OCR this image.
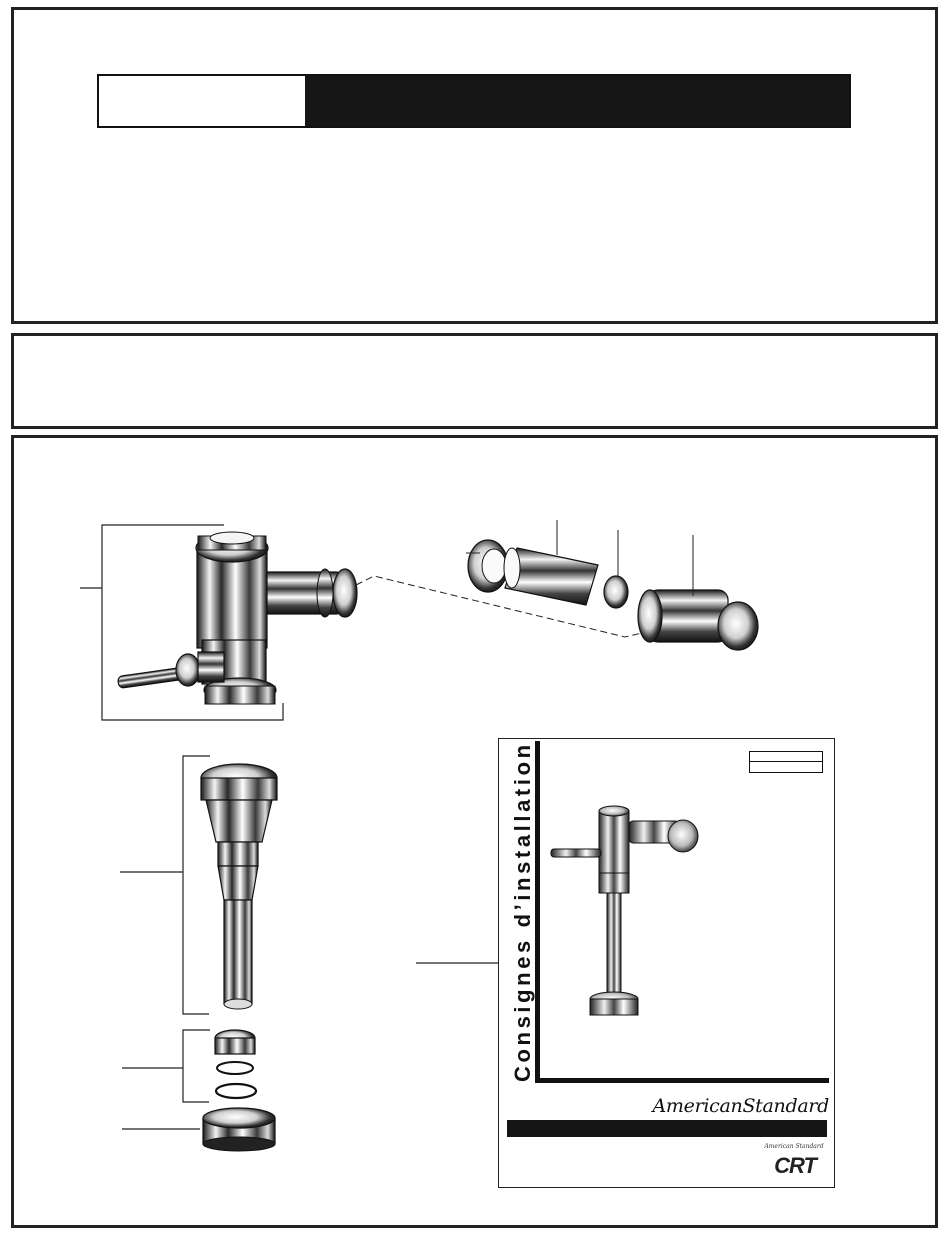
Consignes d’installation
AmericanStandard
American Standard
CRT
